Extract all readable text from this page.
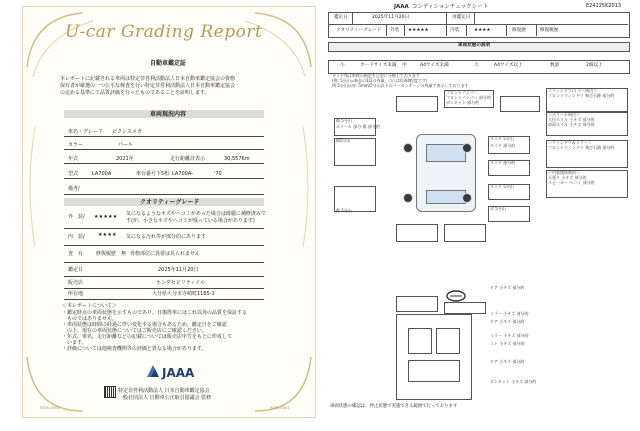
U-car Grading Report
自動車鑑定証
本レポートに記載される車両は特定非営利活動法人日本自動車鑑定協会の資格
保有者が厳選の一つ公平な検査を行い特定非営利活動法人日本自動車鑑定協会
の定める基準にて品質評価を行ったものであることを証明します。
車両現況内容
車名・グレード ピクシスメガ
カラー	パール
年式	2021年	走行距離計表示	30,557Km
型式	LA700A	車台番号下5桁 LA700A-	'70
備考/
クオリティーグレード
外　装/ ★★★★★ 気になるようなキズやヘコミがあった場合は綺麗に補修済みで
す(が、小さなキズやヘコミが残っている場合があります)
内　装/	★★★★ 気になる汚れ等が部分的にあります
査　有	修復履歴　無 骨格部位に異常は見られません
鑑定日	2025年11月20日
販売店	ホンダセビリティイル
所在地	大分県大分市寺崎町1165-1
＜本レポートについて＞
・鑑定時点の車両状態を示すものであり、日傷得車にはこれ以外の品質を保証する
　ものではありません。
・車両状態は時間の経過に伴い変化する場合もあるため、鑑定日をご確認
　の上、現在の車両状態についてはご販売店にご確認ください。
・年式、車名、走行距離などの記載については販売店申告をもとに作成して
　います。
・評価については他検査機関等の評価と異なる場合があります。
JAAA
特定非営利活動法人 日本自動車鑑定協会
一般社団法人 自動車公正取引協議会 監修
E000-0001	E000-0001
JAAA コンディションチェックシート	E24125K2013
鑑定日	2025年11月20日	再鑑定日
クオリティーグレード 外装 ★★★★★	内装	★★★★	修復歴	修復履歴
車両状態の説明
小	カードサイズ未満 中	A4サイズ未満	大	A4サイズ以上	数量	2個以上
タイヤ残は車検の指定を目安に分類しております
(例: 5分山=新品の1/2の残量、○○は約3/4程度です)
例 5分山以外: 5mm/5分山以下のバーセンテージの残量で表示しております
フロントバンパー
フロントバンパー 部分的
ボンネット 部分的
＜ウィンドウ/ミラー周辺＞
フロントウィンドウ 飛び石跡 部分的
＜ホイール周辺＞
大径ホイル 小キズ 部分的
車両ホイル 小キズ 部分的
傷 5分山
ホイール 部分 傷 部分的
傷5分山
傷 5分山
タイヤ 5分山
タイヤ 部分的
タイヤ 部分的
タイヤ 5分山
ボ 5分山
＜ウインドウ＆ミラー＞
フロントウインドウ 飛び石跡 部分的
＜内装関係箇所＞
天張り 小キズ 部分的
スピ一カー ヘコミ 部分的
ドア 小キズ 部分的
ミラー 小キズ 部分的
ドア 小キズ 部分的
ミラー 小キズ 部分的
スト 小キズ 部分的
ドア 小キズ 部分的
ボンネット 小キズ 部分的
車両状態の確認は、停止状態で実施できる範囲で行っております
